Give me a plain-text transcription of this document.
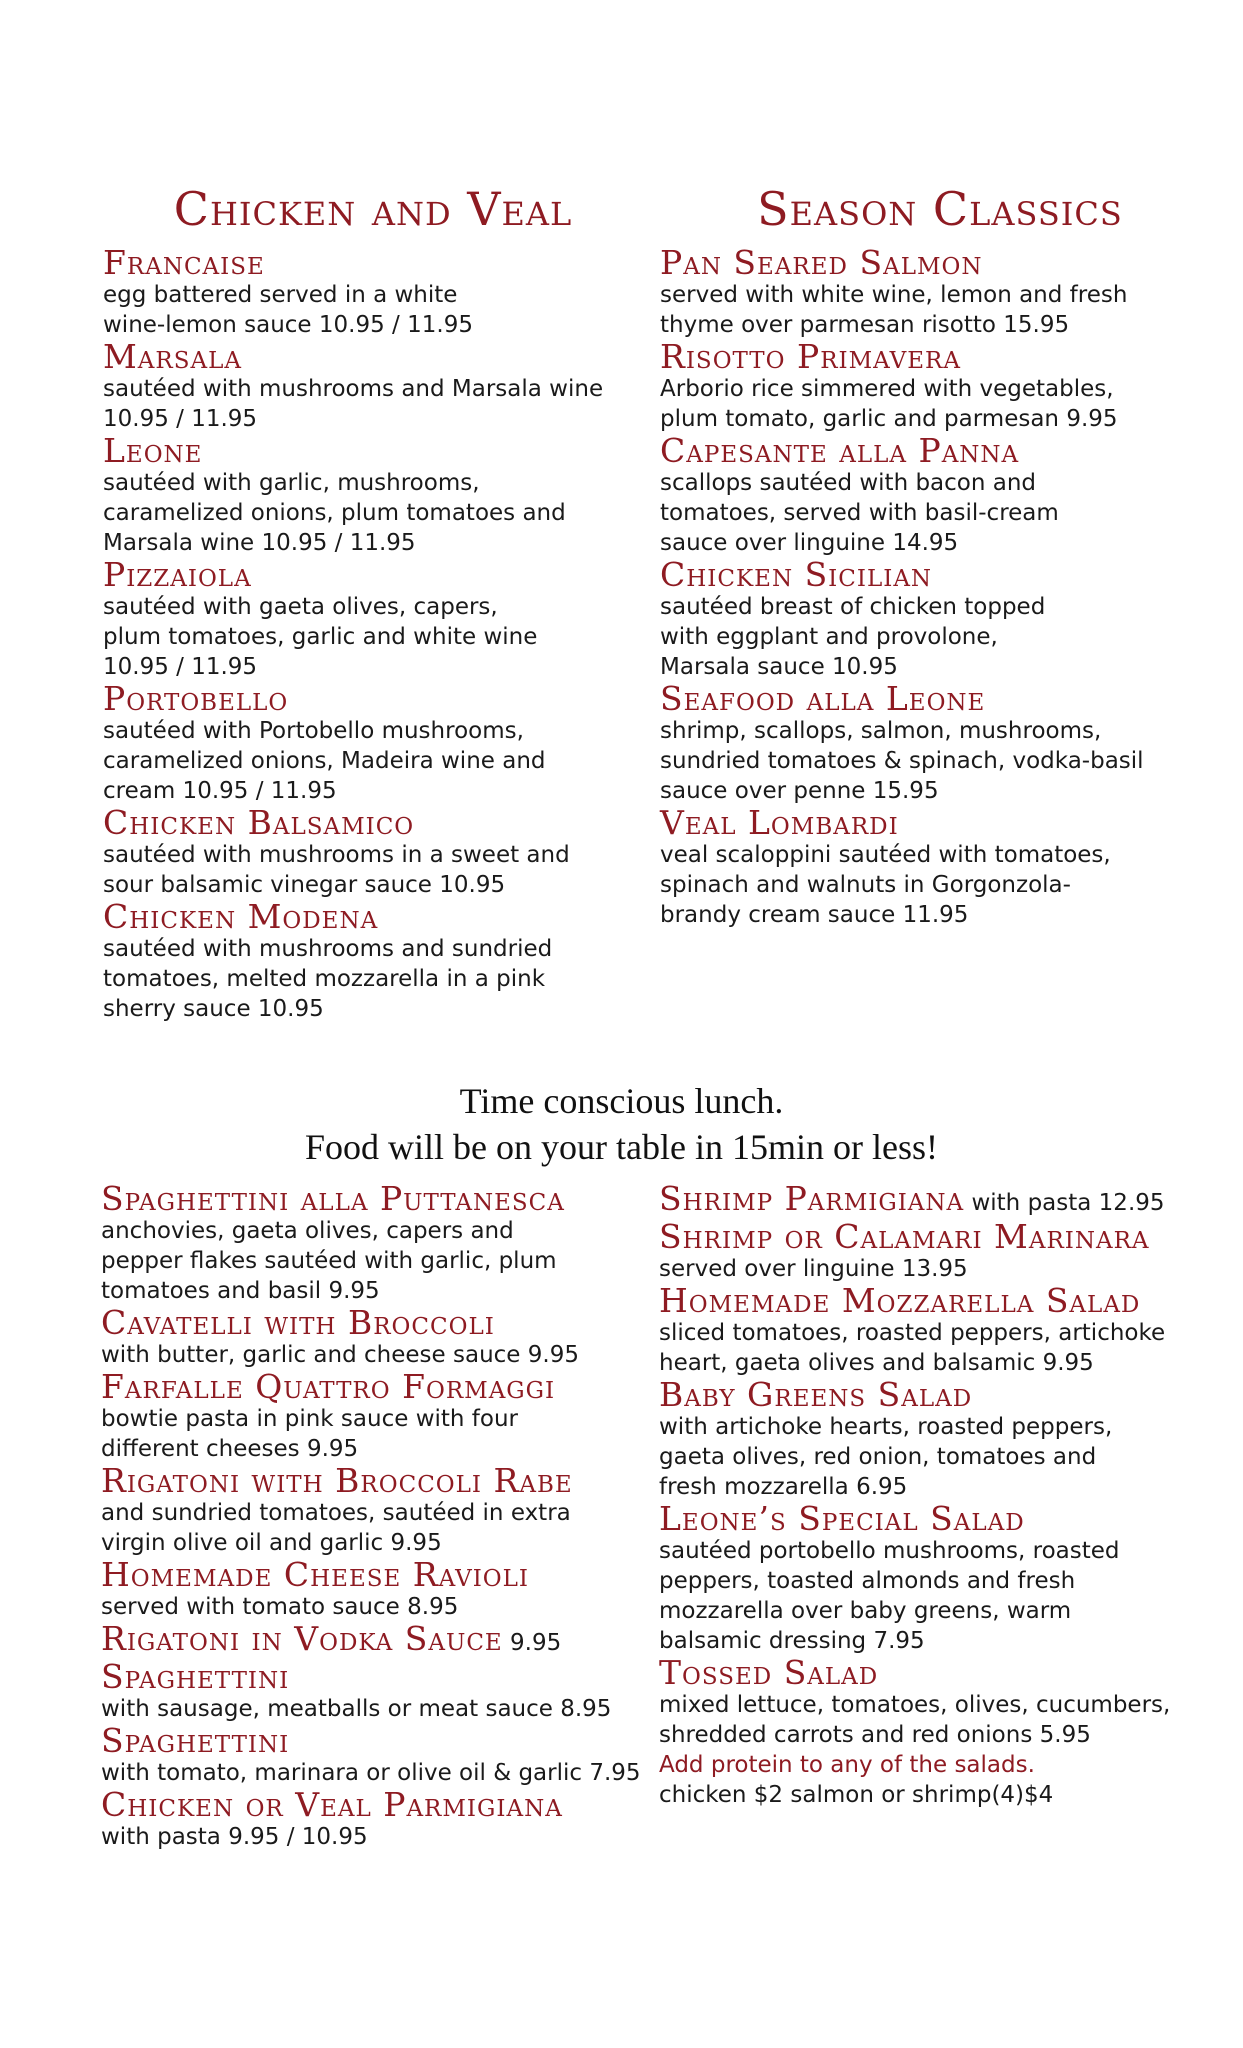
Chicken and Veal
Francaise
egg battered served in a white
wine-lemon sauce 10.95 / 11.95
Marsala
sautéed with mushrooms and Marsala wine
10.95 / 11.95
Leone
sautéed with garlic, mushrooms,
caramelized onions, plum tomatoes and
Marsala wine 10.95 / 11.95
Pizzaiola
sautéed with gaeta olives, capers,
plum tomatoes, garlic and white wine
10.95 / 11.95
Portobello
sautéed with Portobello mushrooms,
caramelized onions, Madeira wine and
cream 10.95 / 11.95
Chicken Balsamico
sautéed with mushrooms in a sweet and
sour balsamic vinegar sauce 10.95
Chicken Modena
sautéed with mushrooms and sundried
tomatoes, melted mozzarella in a pink
sherry sauce 10.95
Season Classics
Pan Seared Salmon
served with white wine, lemon and fresh
thyme over parmesan risotto 15.95
Risotto Primavera
Arborio rice simmered with vegetables,
plum tomato, garlic and parmesan 9.95
Capesante alla Panna
scallops sautéed with bacon and
tomatoes, served with basil-cream
sauce over linguine 14.95
Chicken Sicilian
sautéed breast of chicken topped
with eggplant and provolone,
Marsala sauce 10.95
Seafood alla Leone
shrimp, scallops, salmon, mushrooms,
sundried tomatoes & spinach, vodka-basil
sauce over penne 15.95
Veal Lombardi
veal scaloppini sautéed with tomatoes,
spinach and walnuts in Gorgonzola-
brandy cream sauce 11.95
Time conscious lunch.
Food will be on your table in 15min or less!
Spaghettini alla Puttanesca
anchovies, gaeta olives, capers and
pepper flakes sautéed with garlic, plum
tomatoes and basil 9.95
Cavatelli with Broccoli
with butter, garlic and cheese sauce 9.95
Farfalle Quattro Formaggi
bowtie pasta in pink sauce with four
different cheeses 9.95
Rigatoni with Broccoli Rabe
and sundried tomatoes, sautéed in extra
virgin olive oil and garlic 9.95
Homemade Cheese Ravioli
served with tomato sauce 8.95
Rigatoni in Vodka Sauce 9.95
Spaghettini
with sausage, meatballs or meat sauce 8.95
Spaghettini
with tomato, marinara or olive oil & garlic 7.95
Chicken or Veal Parmigiana
with pasta 9.95 / 10.95
Shrimp Parmigiana with pasta 12.95
Shrimp or Calamari Marinara
served over linguine 13.95
Homemade Mozzarella Salad
sliced tomatoes, roasted peppers, artichoke
heart, gaeta olives and balsamic 9.95
Baby Greens Salad
with artichoke hearts, roasted peppers,
gaeta olives, red onion, tomatoes and
fresh mozzarella 6.95
Leone’s Special Salad
sautéed portobello mushrooms, roasted
peppers, toasted almonds and fresh
mozzarella over baby greens, warm
balsamic dressing 7.95
Tossed Salad
mixed lettuce, tomatoes, olives, cucumbers,
shredded carrots and red onions 5.95
Add protein to any of the salads.
chicken $2 salmon or shrimp(4)$4
